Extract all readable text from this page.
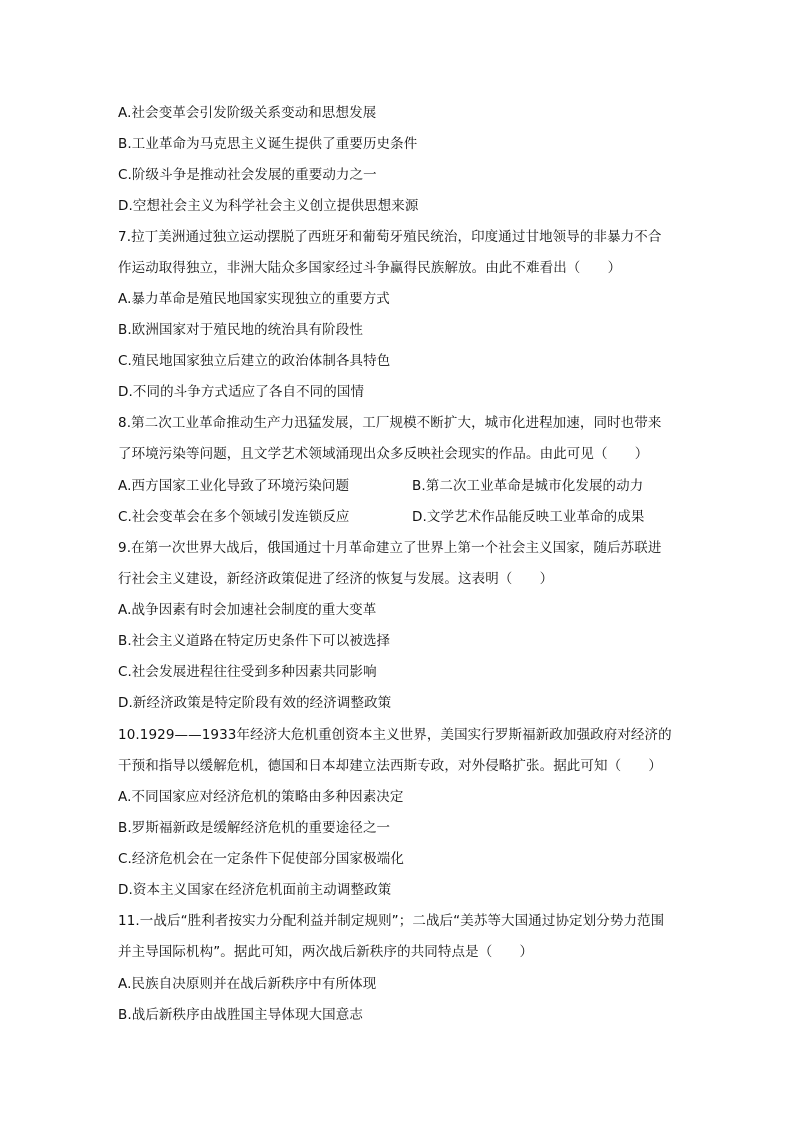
A.社会变革会引发阶级关系变动和思想发展
B.工业革命为马克思主义诞生提供了重要历史条件
C.阶级斗争是推动社会发展的重要动力之一
D.空想社会主义为科学社会主义创立提供思想来源
7.拉丁美洲通过独立运动摆脱了西班牙和葡萄牙殖民统治，印度通过甘地领导的非暴力不合
作运动取得独立，非洲大陆众多国家经过斗争赢得民族解放。由此不难看出（　　）
A.暴力革命是殖民地国家实现独立的重要方式
B.欧洲国家对于殖民地的统治具有阶段性
C.殖民地国家独立后建立的政治体制各具特色
D.不同的斗争方式适应了各自不同的国情
8.第二次工业革命推动生产力迅猛发展，工厂规模不断扩大，城市化进程加速，同时也带来
了环境污染等问题，且文学艺术领域涌现出众多反映社会现实的作品。由此可见（　　）
A.西方国家工业化导致了环境污染问题	B.第二次工业革命是城市化发展的动力
C.社会变革会在多个领域引发连锁反应	D.文学艺术作品能反映工业革命的成果
9.在第一次世界大战后，俄国通过十月革命建立了世界上第一个社会主义国家，随后苏联进
行社会主义建设，新经济政策促进了经济的恢复与发展。这表明（　　）
A.战争因素有时会加速社会制度的重大变革
B.社会主义道路在特定历史条件下可以被选择
C.社会发展进程往往受到多种因素共同影响
D.新经济政策是特定阶段有效的经济调整政策
10.1929——1933年经济大危机重创资本主义世界，美国实行罗斯福新政加强政府对经济的
干预和指导以缓解危机，德国和日本却建立法西斯专政，对外侵略扩张。据此可知（　　）
A.不同国家应对经济危机的策略由多种因素决定
B.罗斯福新政是缓解经济危机的重要途径之一
C.经济危机会在一定条件下促使部分国家极端化
D.资本主义国家在经济危机面前主动调整政策
11.一战后“胜利者按实力分配利益并制定规则”；二战后“美苏等大国通过协定划分势力范围
并主导国际机构”。据此可知，两次战后新秩序的共同特点是（　　）
A.民族自决原则并在战后新秩序中有所体现
B.战后新秩序由战胜国主导体现大国意志
